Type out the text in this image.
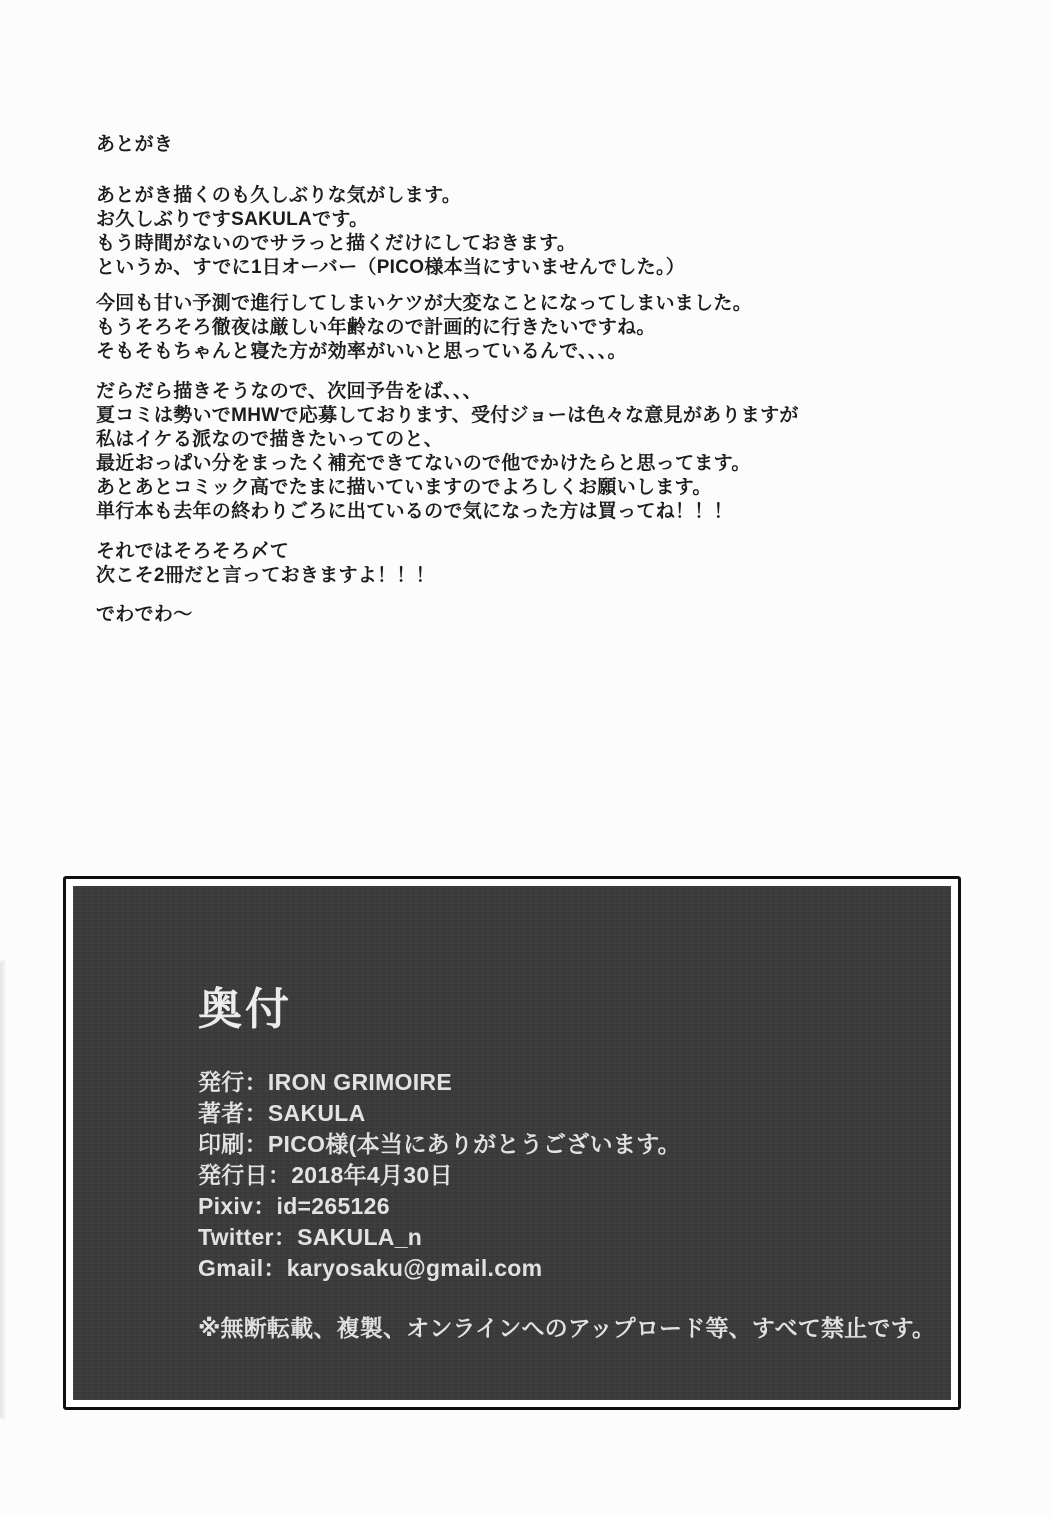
あとがき
あとがき描くのも久しぶりな気がします。
お久しぶりですSAKULAです。
もう時間がないのでサラっと描くだけにしておきます。
というか、すでに1日オーバー（PICO様本当にすいませんでした。）
今回も甘い予測で進行してしまいケツが大変なことになってしまいました。
もうそろそろ徹夜は厳しい年齢なので計画的に行きたいですね。
そもそもちゃんと寝た方が効率がいいと思っているんで、、、。
だらだら描きそうなので、次回予告をば、、、
夏コミは勢いでMHWで応募しております、受付ジョーは色々な意見がありますが
私はイケる派なので描きたいってのと、
最近おっぱい分をまったく補充できてないので他でかけたらと思ってます。
あとあとコミック高でたまに描いていますのでよろしくお願いします。
単行本も去年の終わりごろに出ているので気になった方は買ってね！！！
それではそろそろ〆て
次こそ2冊だと言っておきますよ！！！
でわでわ～
奥付
発行：IRON GRIMOIRE
著者：SAKULA
印刷：PICO様(本当にありがとうございます。
発行日：2018年4月30日
Pixiv：id=265126
Twitter：SAKULA_n
Gmail：karyosaku@gmail.com
※無断転載、複製、オンラインへのアップロード等、すべて禁止です。
